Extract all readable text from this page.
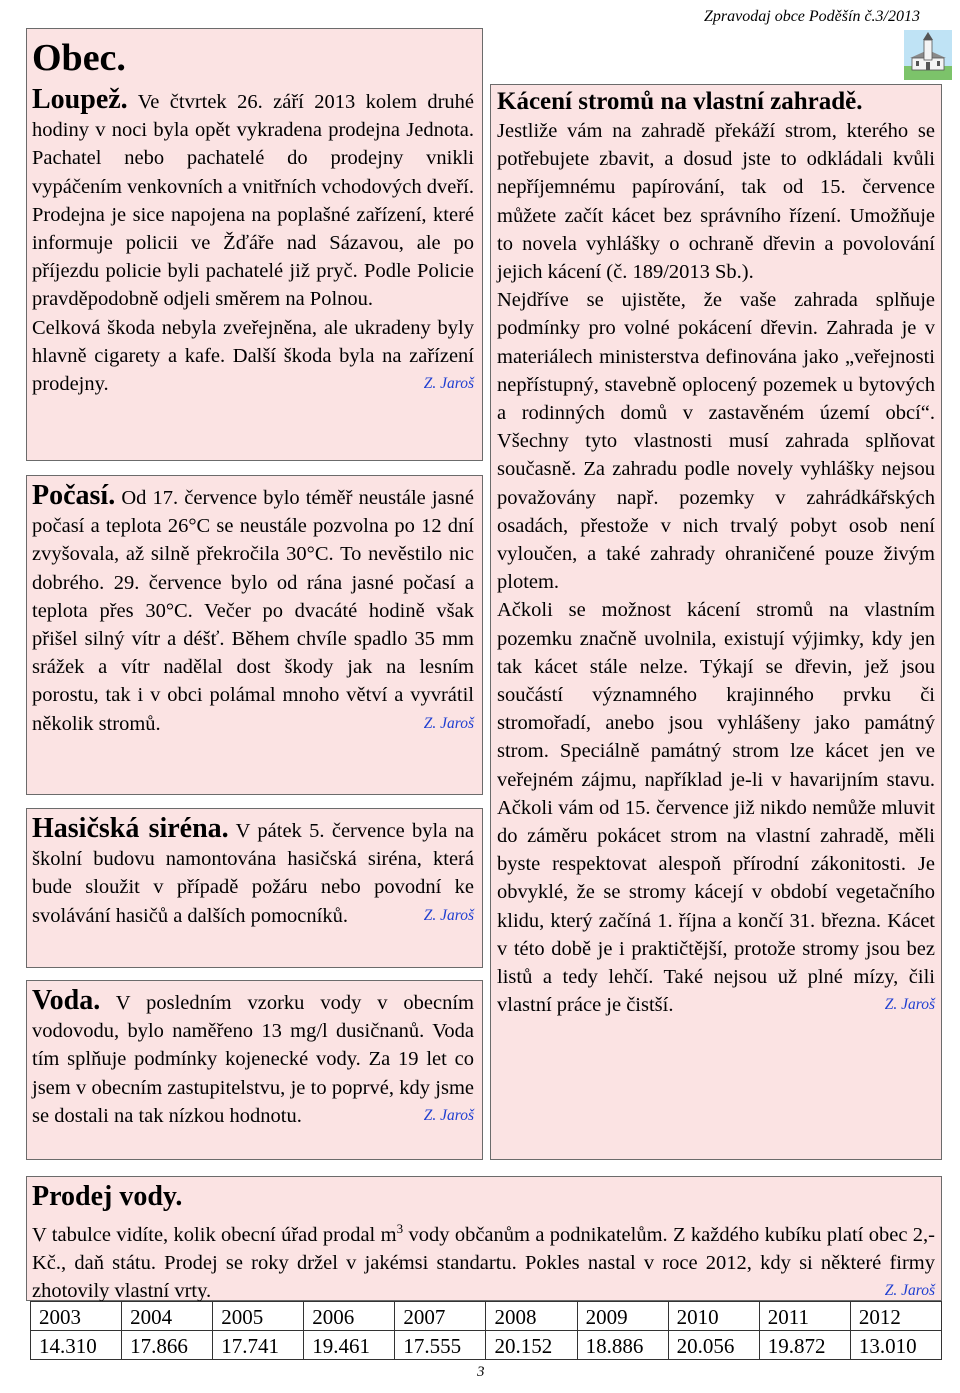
Zpravodaj obce Poděšín č.3/2013
Obec.
Loupež. Ve čtvrtek 26. září 2013 kolem druhé hodiny v noci byla opět vykradena prodejna Jednota. Pachatel nebo pachatelé do prodejny vnikli vypáčením venkovních a vnitřních vchodových dveří. Prodejna je sice napojena na poplašné zařízení, které informuje policii ve Žďáře nad Sázavou, ale po příjezdu policie byli pachatelé již pryč. Podle Policie pravděpodobně odjeli směrem na Polnou.
Celková škoda nebyla zveřejněna, ale ukradeny byly hlavně cigarety a kafe. Další škoda byla na zařízení prodejny.	Z. Jaroš
Počasí. Od 17. července bylo téměř neustále jasné počasí a teplota 26°C se neustále pozvolna po 12 dní zvyšovala, až silně překročila 30°C. To nevěstilo nic dobrého. 29. července bylo od rána jasné počasí a teplota přes 30°C. Večer po dvacáté hodině však přišel silný vítr a déšť. Během chvíle spadlo 35 mm srážek a vítr nadělal dost škody jak na lesním porostu, tak i v obci polámal mnoho větví a vyvrátil několik stromů.	Z. Jaroš
Hasičská siréna. V pátek 5. července byla na školní budovu namontována hasičská siréna, která bude sloužit v případě požáru nebo povodní ke svolávání hasičů a dalších pomocníků.	Z. Jaroš
Voda. V posledním vzorku vody v obecním vodovodu, bylo naměřeno 13 mg/l dusičnanů. Voda tím splňuje podmínky kojenecké vody. Za 19 let co jsem v obecním zastupitelstvu, je to poprvé, kdy jsme se dostali na tak nízkou hodnotu.	Z. Jaroš
Kácení stromů na vlastní zahradě.
Jestliže vám na zahradě překáží strom, kterého se potřebujete zbavit, a dosud jste to odkládali kvůli nepříjemnému papírování, tak od 15. července můžete začít kácet bez správního řízení. Umožňuje to novela vyhlášky o ochraně dřevin a povolování jejich kácení (č. 189/2013 Sb.).
Nejdříve se ujistěte, že vaše zahrada splňuje podmínky pro volné pokácení dřevin. Zahrada je v materiálech ministerstva definována jako „veřejnosti nepřístupný, stavebně oplocený pozemek u bytových a rodinných domů v zastavěném území obcí“. Všechny tyto vlastnosti musí zahrada splňovat současně. Za zahradu podle novely vyhlášky nejsou považovány např. pozemky v zahrádkářských osadách, přestože v nich trvalý pobyt osob není vyloučen, a také zahrady ohraničené pouze živým plotem.
Ačkoli se možnost kácení stromů na vlastním pozemku značně uvolnila, existují výjimky, kdy jen tak kácet stále nelze. Týkají se dřevin, jež jsou součástí významného krajinného prvku či stromořadí, anebo jsou vyhlášeny jako památný strom. Speciálně památný strom lze kácet jen ve veřejném zájmu, například je-li v havarijním stavu. Ačkoli vám od 15. července již nikdo nemůže mluvit do záměru pokácet strom na vlastní zahradě, měli byste respektovat alespoň přírodní zákonitosti. Je obvyklé, že se stromy kácejí v období vegetačního klidu, který začíná 1. října a končí 31. března. Kácet v této době je i praktičtější, protože stromy jsou bez listů a tedy lehčí. Také nejsou už plné mízy, čili vlastní práce je čistší.	Z. Jaroš
Prodej vody.
V tabulce vidíte, kolik obecní úřad prodal $m^3$ vody občanům a podnikatelům. Z každého kubíku platí obec 2,-Kč., daň státu. Prodej se roky držel v jakémsi standartu. Pokles nastal v roce 2012, kdy si některé firmy zhotovily vlastní vrty.	Z. Jaroš
2003	2004	2005	2006	2007	2008	2009	2010	2011	2012
14.310	17.866	17.741	19.461	17.555	20.152	18.886	20.056	19.872	13.010
3
